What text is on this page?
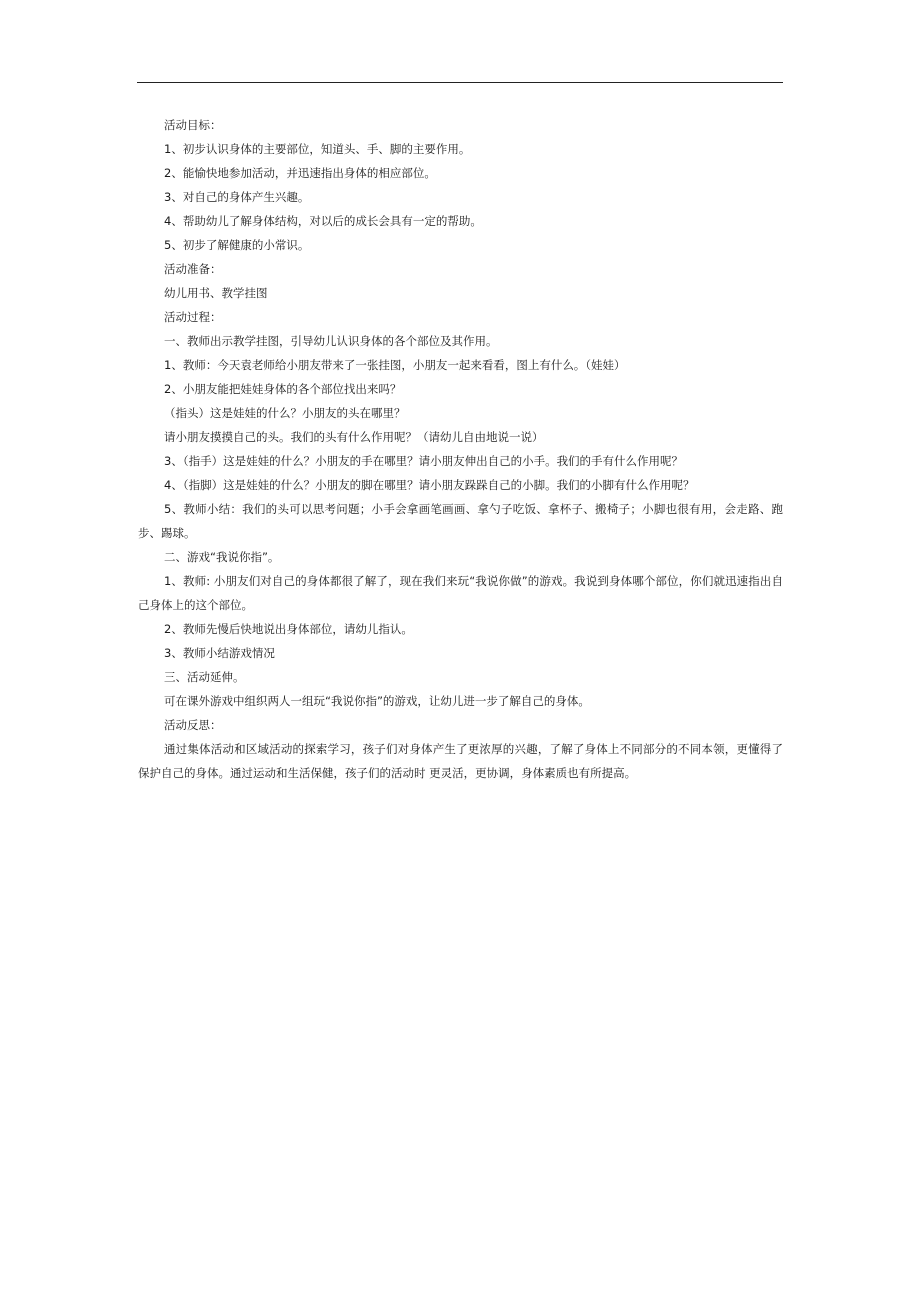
活动目标：

1、初步认识身体的主要部位，知道头、手、脚的主要作用。

2、能愉快地参加活动，并迅速指出身体的相应部位。

3、对自己的身体产生兴趣。

4、帮助幼儿了解身体结构，对以后的成长会具有一定的帮助。

5、初步了解健康的小常识。

活动准备：

幼儿用书、教学挂图

活动过程：

一、教师出示教学挂图，引导幼儿认识身体的各个部位及其作用。

1、教师：今天袁老师给小朋友带来了一张挂图，小朋友一起来看看，图上有什么。（娃娃）

2、小朋友能把娃娃身体的各个部位找出来吗？

（指头）这是娃娃的什么？小朋友的头在哪里？

请小朋友摸摸自己的头。我们的头有什么作用呢？（请幼儿自由地说一说）

3、（指手）这是娃娃的什么？小朋友的手在哪里？请小朋友伸出自己的小手。我们的手有什么作用呢？

4、（指脚）这是娃娃的什么？小朋友的脚在哪里？请小朋友跺跺自己的小脚。我们的小脚有什么作用呢？

5、教师小结：我们的头可以思考问题；小手会拿画笔画画、拿勺子吃饭、拿杯子、搬椅子；小脚也很有用，会走路、跑步、踢球。

二、游戏“我说你指”。

1、教师: 小朋友们对自己的身体都很了解了，现在我们来玩“我说你做”的游戏。我说到身体哪个部位，你们就迅速指出自己身体上的这个部位。

2、教师先慢后快地说出身体部位，请幼儿指认。

3、教师小结游戏情况

三、活动延伸。

可在课外游戏中组织两人一组玩“我说你指”的游戏，让幼儿进一步了解自己的身体。

活动反思：

通过集体活动和区域活动的探索学习，孩子们对身体产生了更浓厚的兴趣，了解了身体上不同部分的不同本领，更懂得了保护自己的身体。通过运动和生活保健，孩子们的活动时 更灵活，更协调，身体素质也有所提高。
